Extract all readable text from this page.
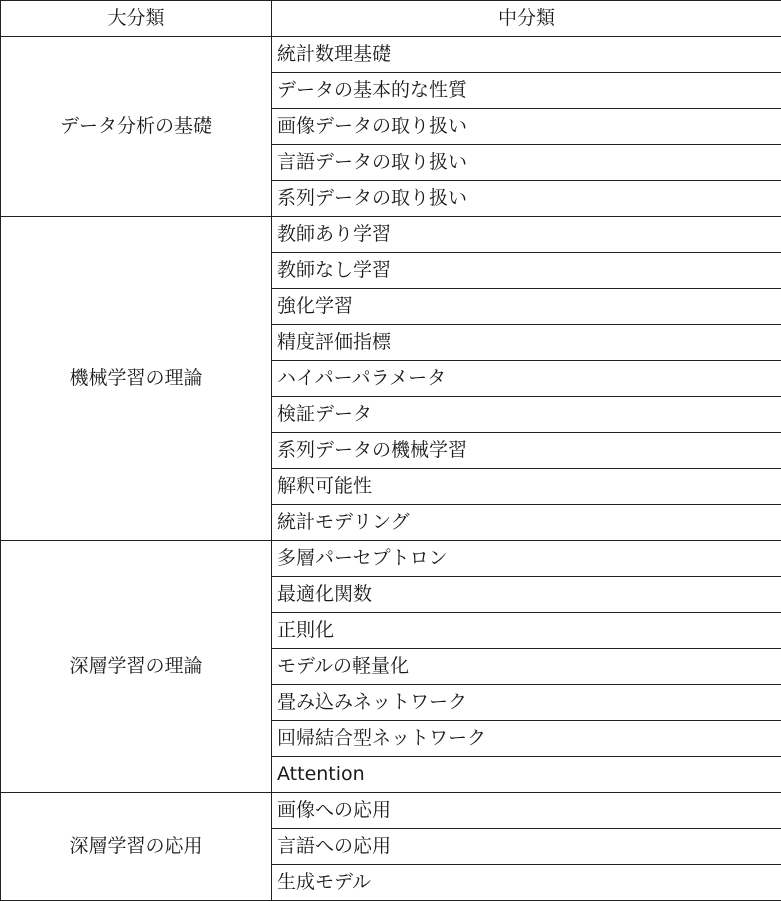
大分類	中分類
データ分析の基礎	統計数理基礎
	データの基本的な性質
	画像データの取り扱い
	言語データの取り扱い
	系列データの取り扱い
機械学習の理論	教師あり学習
	教師なし学習
	強化学習
	精度評価指標
	ハイパーパラメータ
	検証データ
	系列データの機械学習
	解釈可能性
	統計モデリング
深層学習の理論	多層パーセプトロン
	最適化関数
	正則化
	モデルの軽量化
	畳み込みネットワーク
	回帰結合型ネットワーク
	Attention
深層学習の応用	画像への応用
	言語への応用
	生成モデル
